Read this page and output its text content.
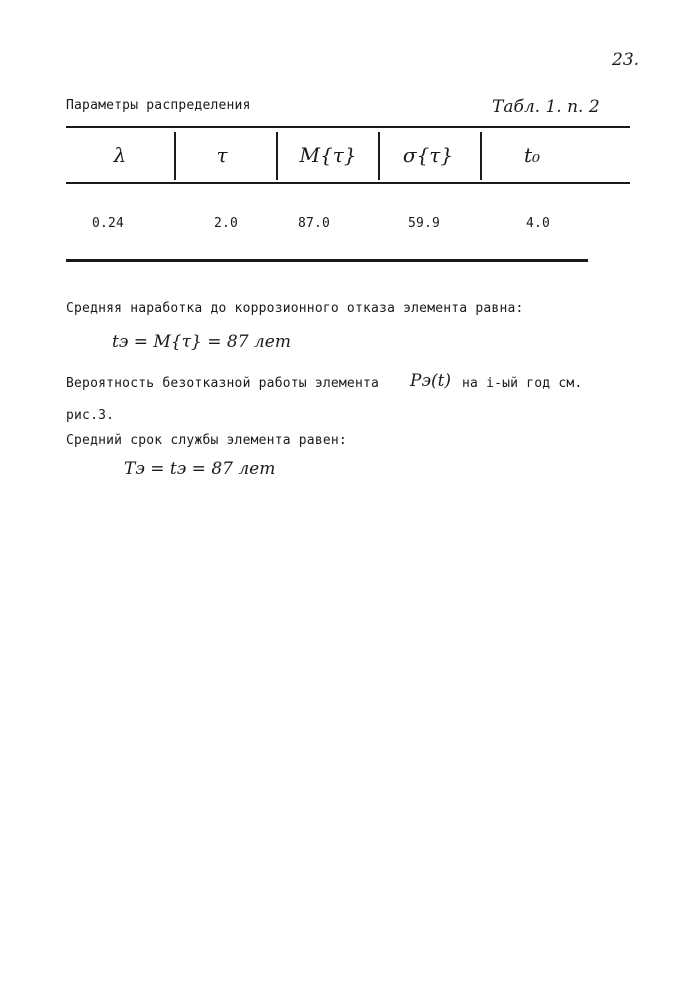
23.
Параметры распределения	Табл. 1. п. 2
λ	τ	M{τ}	σ{τ}	t₀
0.24	2.0	87.0	59.9	4.0
Средняя наработка до коррозионного отказа элемента равна:
tэ = M{τ} = 87 лет
Вероятность безотказной работы элемента Pэ(t) на i-ый год см.
рис.3.
Средний срок службы элемента равен:
Tэ = tэ = 87 лет
